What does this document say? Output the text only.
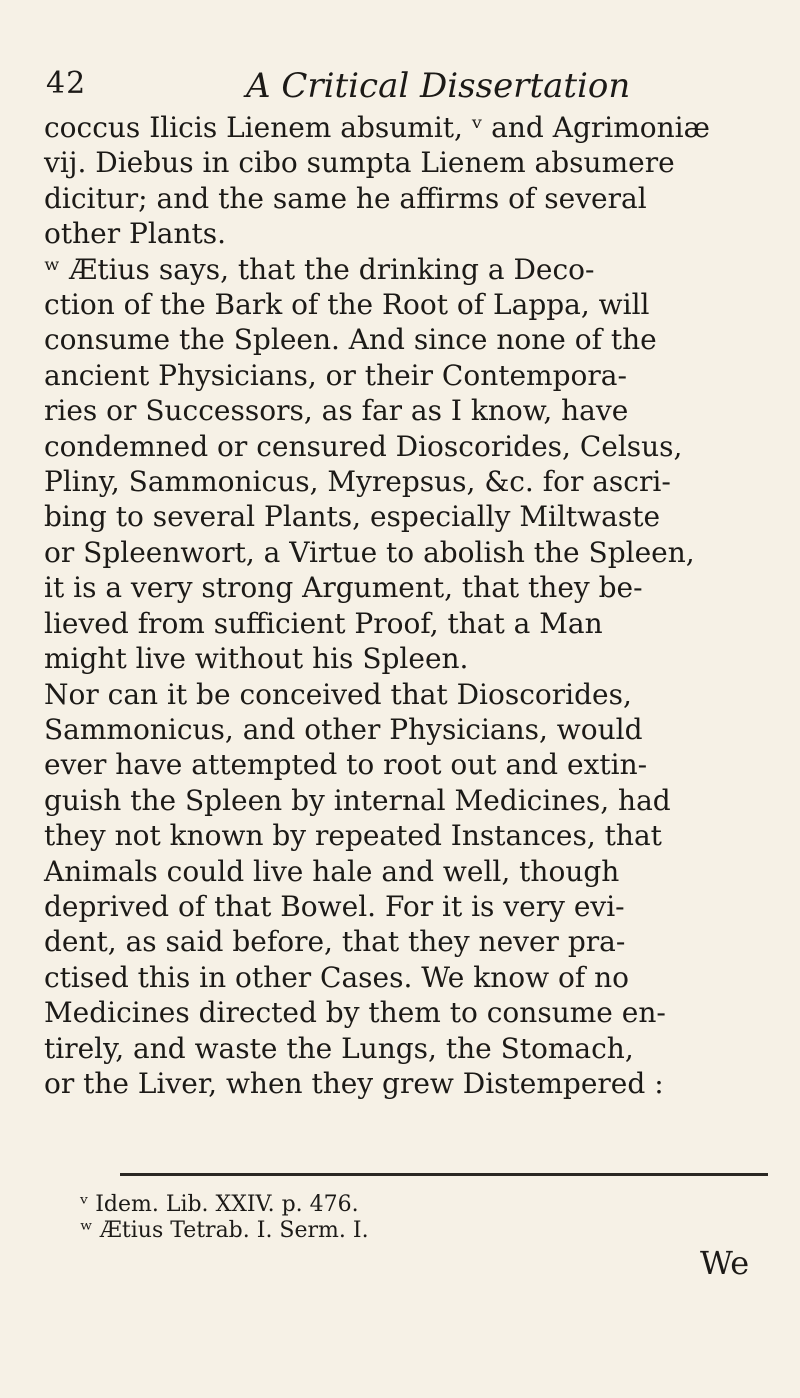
42	A Critical Dissertation
coccus Ilicis Lienem absumit, ᵛ and Agrimoniæ
vij. Diebus in cibo sumpta Lienem absumere
dicitur; and the same he affirms of several
other Plants.
ʷ Ætius says, that the drinking a Deco-
ction of the Bark of the Root of Lappa, will
consume the Spleen. And since none of the
ancient Physicians, or their Contempora-
ries or Successors, as far as I know, have
condemned or censured Dioscorides, Celsus,
Pliny, Sammonicus, Myrepsus, &c. for ascri-
bing to several Plants, especially Miltwaste
or Spleenwort, a Virtue to abolish the Spleen,
it is a very strong Argument, that they be-
lieved from sufficient Proof, that a Man
might live without his Spleen.
Nor can it be conceived that Dioscorides,
Sammonicus, and other Physicians, would
ever have attempted to root out and extin-
guish the Spleen by internal Medicines, had
they not known by repeated Instances, that
Animals could live hale and well, though
deprived of that Bowel. For it is very evi-
dent, as said before, that they never pra-
ctised this in other Cases. We know of no
Medicines directed by them to consume en-
tirely, and waste the Lungs, the Stomach,
or the Liver, when they grew Distempered :
ᵛ Idem. Lib. XXIV. p. 476.
ʷ Ætius Tetrab. I. Serm. I.
We
